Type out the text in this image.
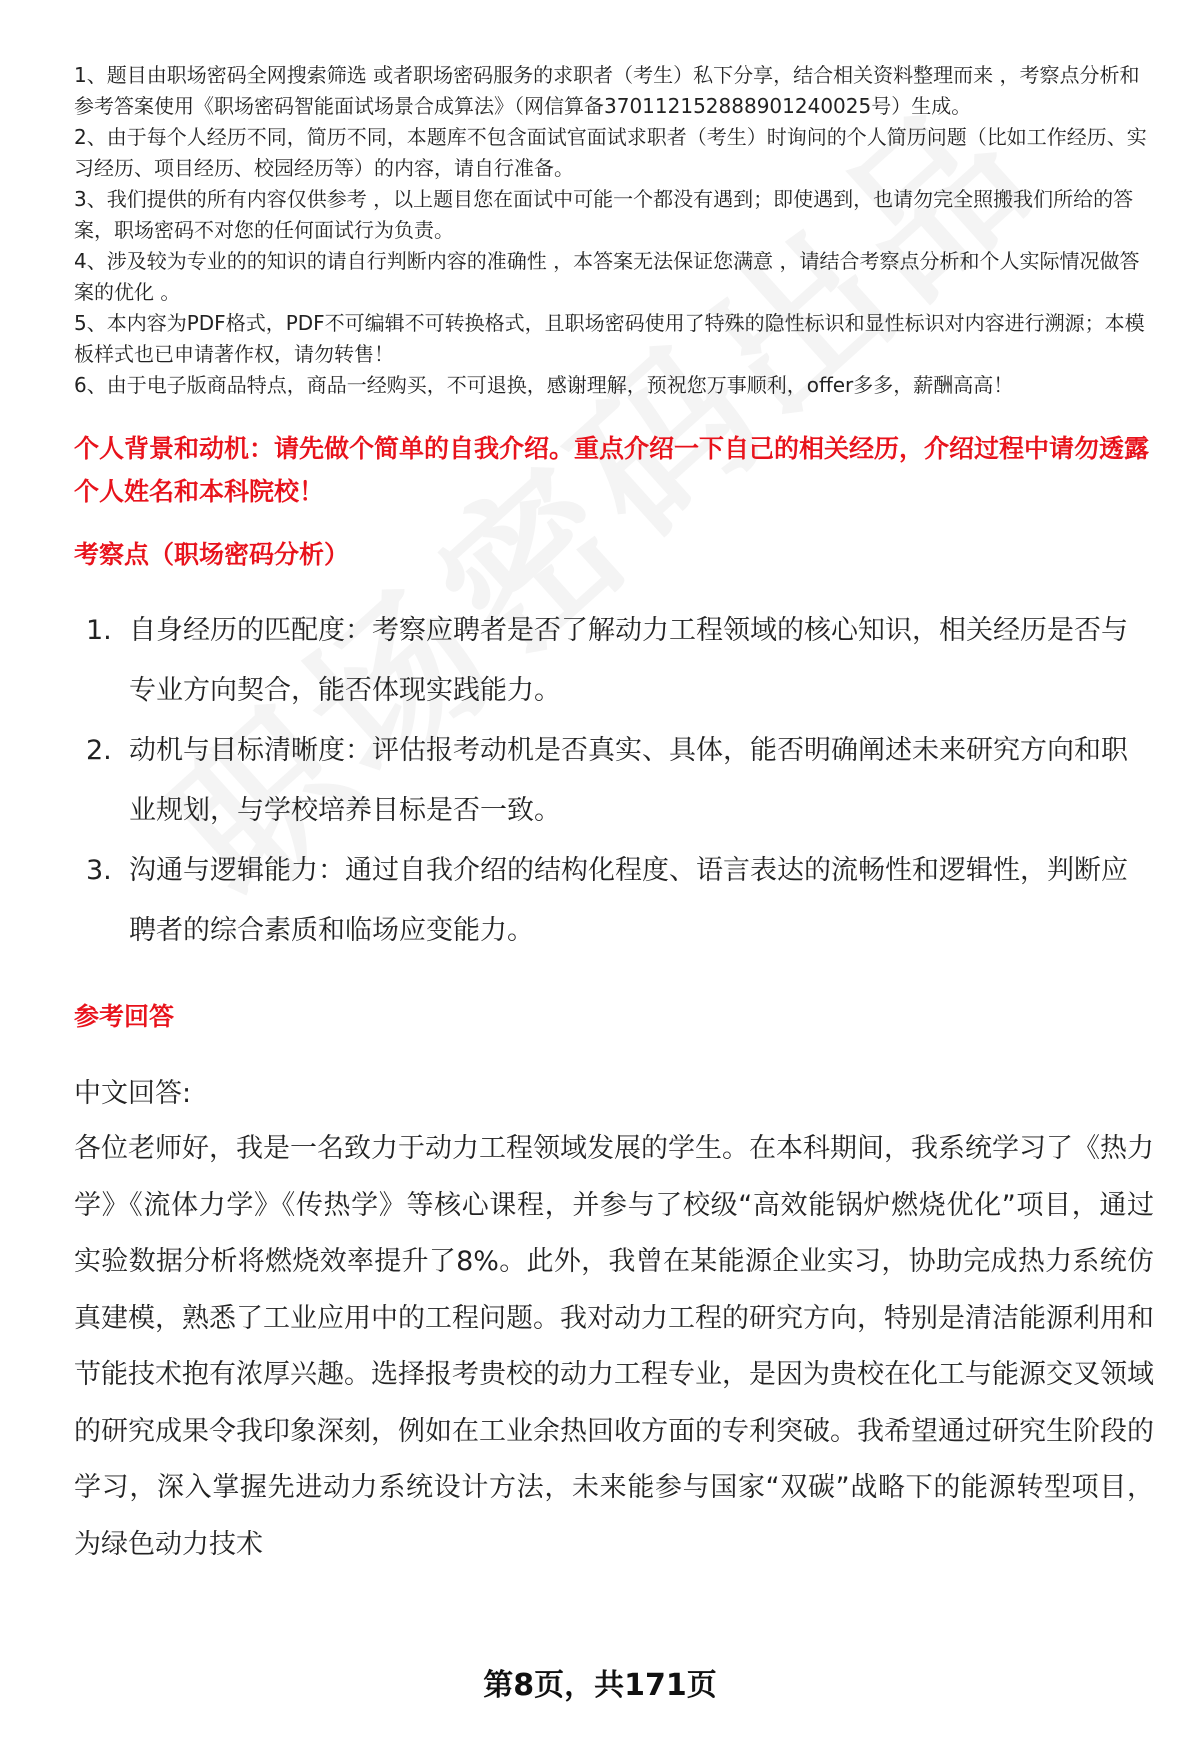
1、题目由职场密码全网搜索筛选 或者职场密码服务的求职者（考生）私下分享，结合相关资料整理而来 ，考察点分析和参考答案使用《职场密码智能面试场景合成算法》（网信算备370112152888901240025号）生成。

2、由于每个人经历不同，简历不同，本题库不包含面试官面试求职者（考生）时询问的个人简历问题（比如工作经历、实习经历、项目经历、校园经历等）的内容，请自行准备。

3、我们提供的所有内容仅供参考 ，以上题目您在面试中可能一个都没有遇到；即使遇到，也请勿完全照搬我们所给的答案，职场密码不对您的任何面试行为负责。

4、涉及较为专业的的知识的请自行判断内容的准确性 ，本答案无法保证您满意 ，请结合考察点分析和个人实际情况做答案的优化 。

5、本内容为PDF格式，PDF不可编辑不可转换格式，且职场密码使用了特殊的隐性标识和显性标识对内容进行溯源；本模板样式也已申请著作权，请勿转售！

6、由于电子版商品特点，商品一经购买，不可退换，感谢理解，预祝您万事顺利，offer多多，薪酬高高！

个人背景和动机：请先做个简单的自我介绍。重点介绍一下自己的相关经历，介绍过程中请勿透露个人姓名和本科院校！
考察点（职场密码分析）
1. 自身经历的匹配度：考察应聘者是否了解动力工程领域的核心知识，相关经历是否与专业方向契合，能否体现实践能力。
2. 动机与目标清晰度：评估报考动机是否真实、具体，能否明确阐述未来研究方向和职业规划，与学校培养目标是否一致。
3. 沟通与逻辑能力：通过自我介绍的结构化程度、语言表达的流畅性和逻辑性，判断应聘者的综合素质和临场应变能力。
参考回答
中文回答:
各位老师好，我是一名致力于动力工程领域发展的学生。在本科期间，我系统学习了《热力学》《流体力学》《传热学》等核心课程，并参与了校级“高效能锅炉燃烧优化”项目，通过实验数据分析将燃烧效率提升了8%。此外，我曾在某能源企业实习，协助完成热力系统仿真建模，熟悉了工业应用中的工程问题。我对动力工程的研究方向，特别是清洁能源利用和节能技术抱有浓厚兴趣。选择报考贵校的动力工程专业，是因为贵校在化工与能源交叉领域的研究成果令我印象深刻，例如在工业余热回收方面的专利突破。我希望通过研究生阶段的学习，深入掌握先进动力系统设计方法，未来能参与国家“双碳”战略下的能源转型项目，为绿色动力技术
第8页，共171页
